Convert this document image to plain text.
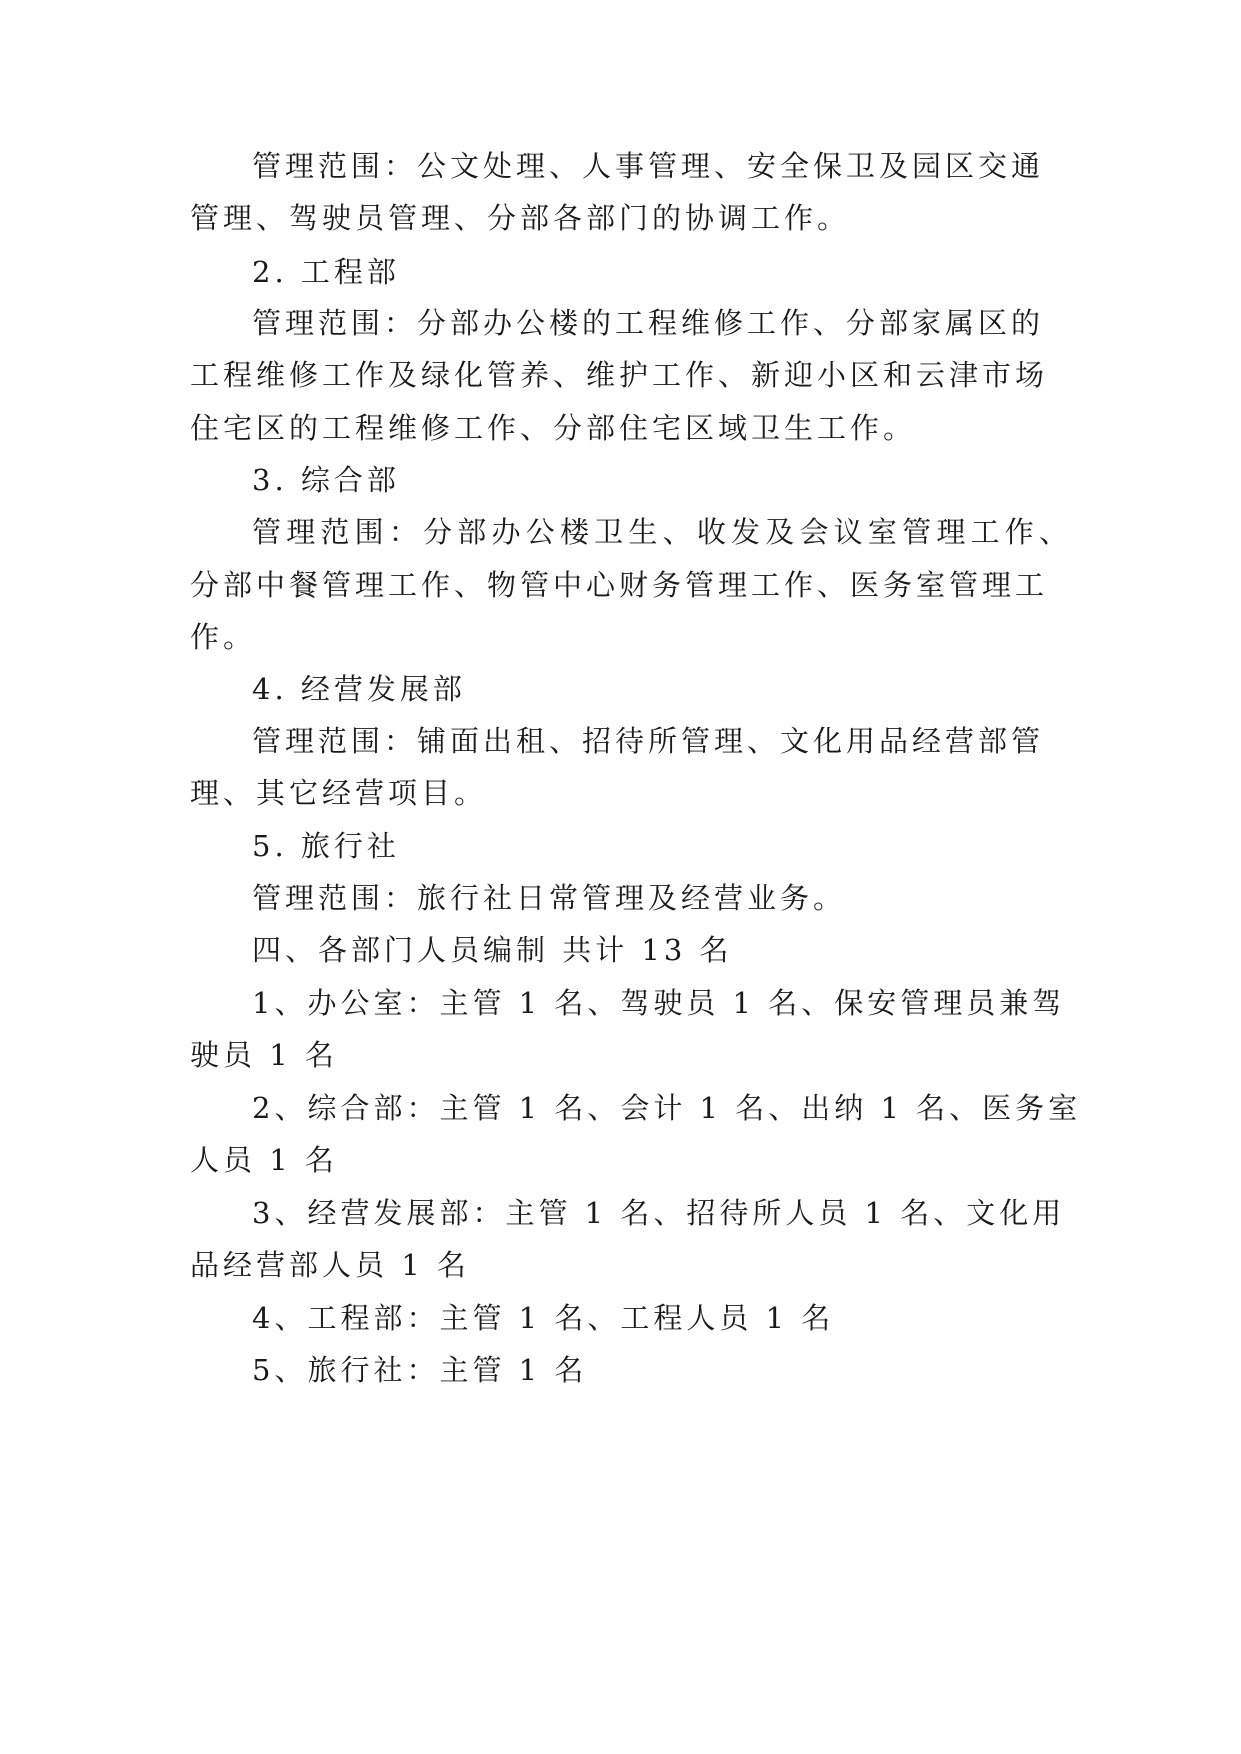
管理范围：公文处理、人事管理、安全保卫及园区交通
管理、驾驶员管理、分部各部门的协调工作。
2. 工程部
管理范围：分部办公楼的工程维修工作、分部家属区的
工程维修工作及绿化管养、维护工作、新迎小区和云津市场
住宅区的工程维修工作、分部住宅区域卫生工作。
3. 综合部
管理范围：分部办公楼卫生、收发及会议室管理工作、
分部中餐管理工作、物管中心财务管理工作、医务室管理工
作。
4. 经营发展部
管理范围：铺面出租、招待所管理、文化用品经营部管
理、其它经营项目。
5. 旅行社
管理范围：旅行社日常管理及经营业务。
四、各部门人员编制 共计 13 名
1、办公室：主管 1 名、驾驶员 1 名、保安管理员兼驾
驶员 1 名
2、综合部：主管 1 名、会计 1 名、出纳 1 名、医务室
人员 1 名
3、经营发展部：主管 1 名、招待所人员 1 名、文化用
品经营部人员 1 名
4、工程部：主管 1 名、工程人员 1 名
5、旅行社：主管 1 名
